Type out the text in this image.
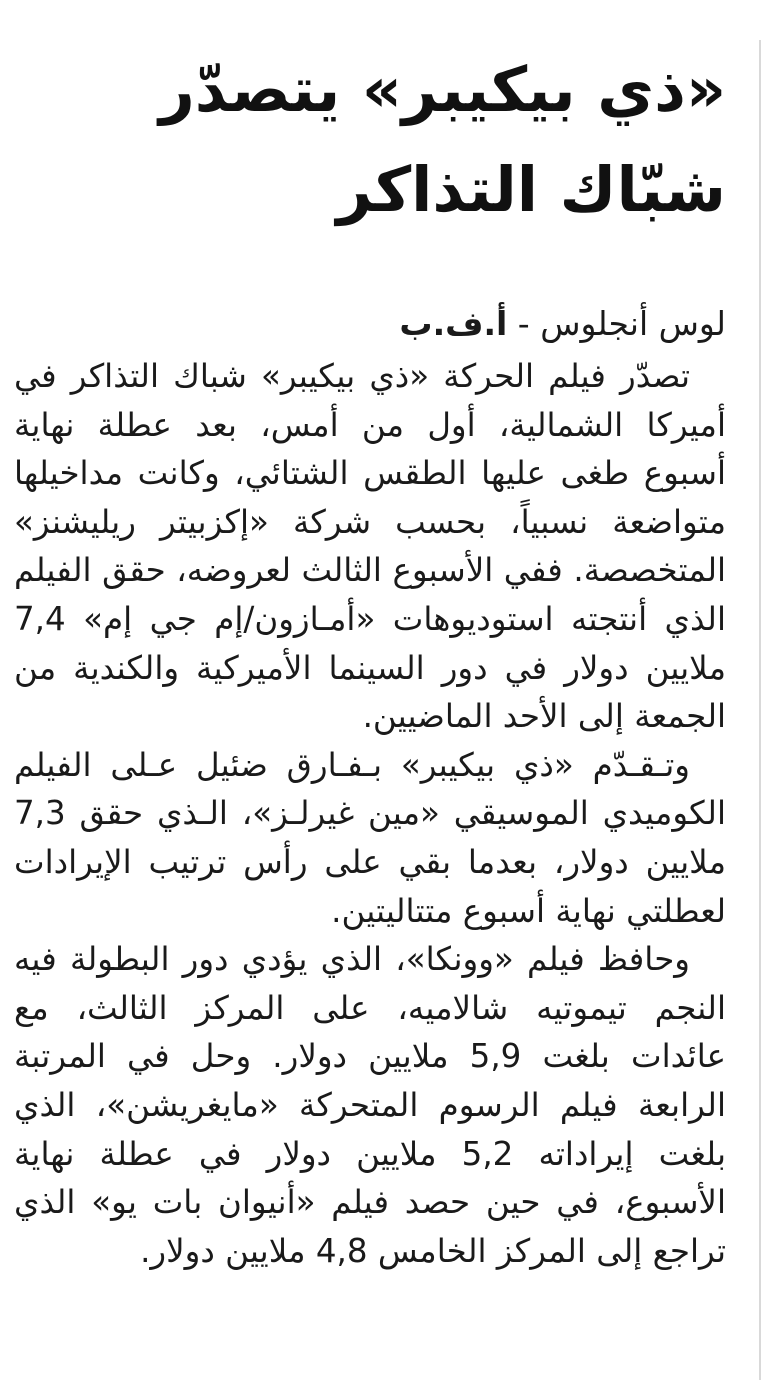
«ذي بيكيبر» يتصدّر شبّاك التذاكر
لوس أنجلوس - أ.ف.ب

تصدّر فيلم الحركة «ذي بيكيبر» شباك التذاكر في أميركا الشمالية، أول من أمس، بعد عطلة نهاية أسبوع طغى عليها الطقس الشتائي، وكانت مداخيلها متواضعة نسبياً، بحسب شركة «إكزبيتر ريليشنز» المتخصصة. ففي الأسبوع الثالث لعروضه، حقق الفيلم الذي أنتجته استوديوهات «أمـازون/إم جي إم» 7,4 ملايين دولار في دور السينما الأميركية والكندية من الجمعة إلى الأحد الماضيين.

وتـقـدّم «ذي بيكيبر» بـفـارق ضئيل عـلى الفيلم الكوميدي الموسيقي «مين غيرلـز»، الـذي حقق 7,3 ملايين دولار، بعدما بقي على رأس ترتيب الإيرادات لعطلتي نهاية أسبوع متتاليتين.

وحافظ فيلم «وونكا»، الذي يؤدي دور البطولة فيه النجم تيموتيه شالاميه، على المركز الثالث، مع عائدات بلغت 5,9 ملايين دولار. وحل في المرتبة الرابعة فيلم الرسوم المتحركة «مايغريشن»، الذي بلغت إيراداته 5,2 ملايين دولار في عطلة نهاية الأسبوع، في حين حصد فيلم «أنيوان بات يو» الذي تراجع إلى المركز الخامس 4,8 ملايين دولار.
